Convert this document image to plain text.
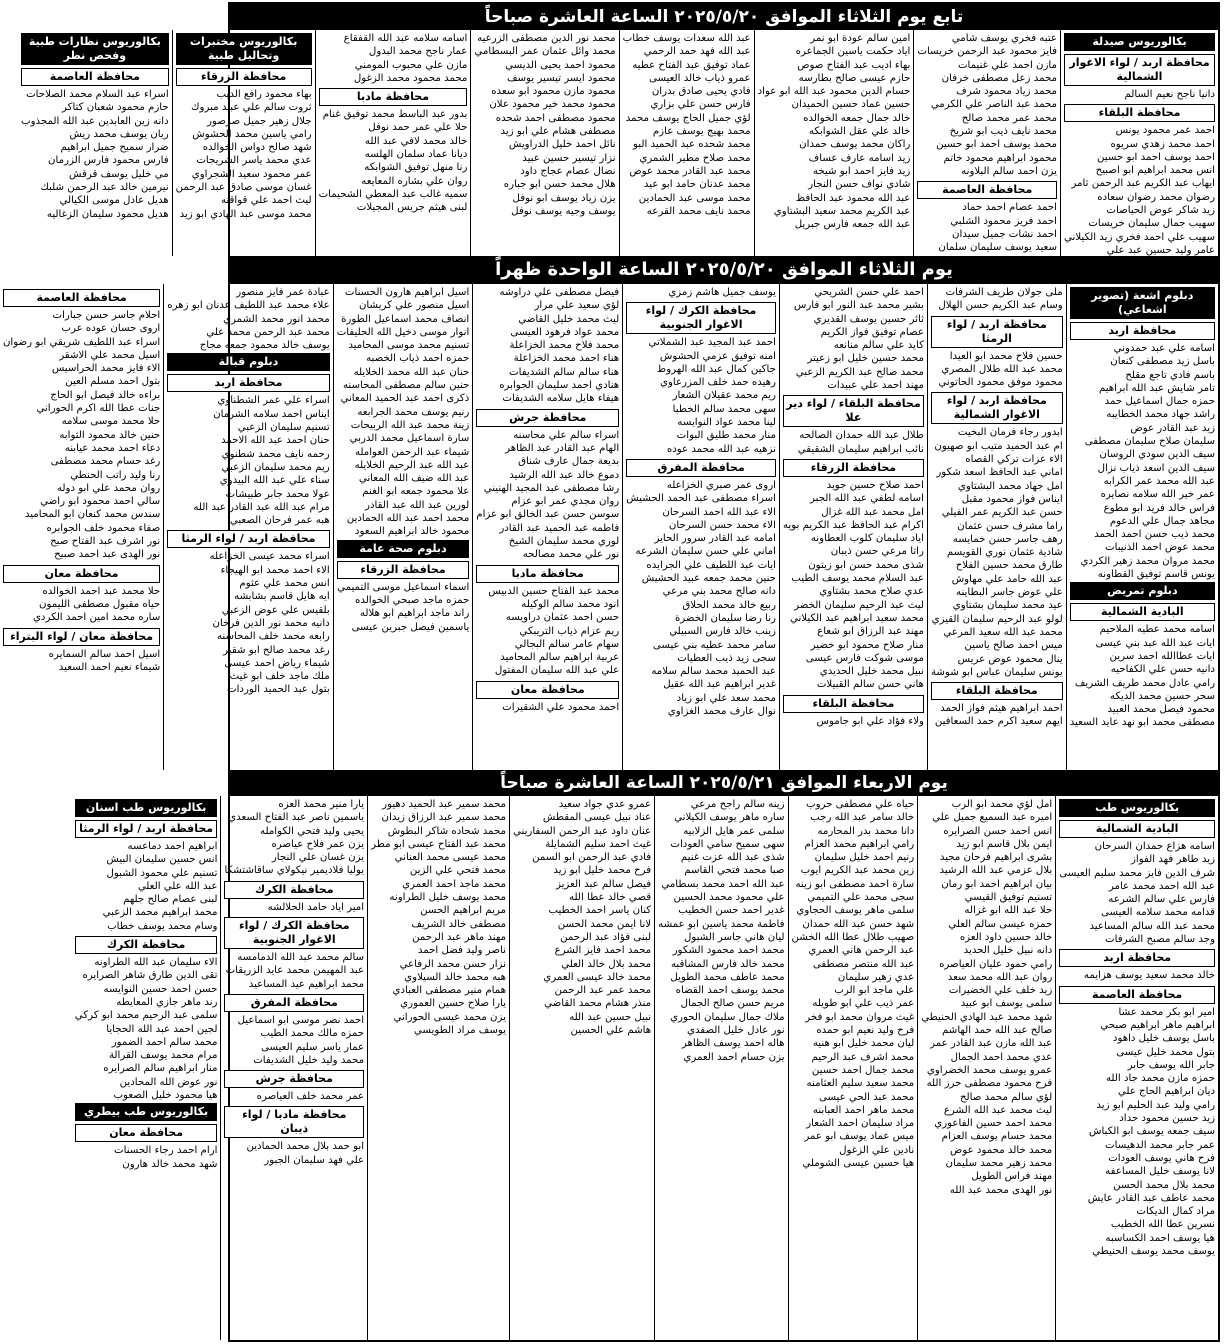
تابع يوم الثلاثاء الموافق ٢٠٢٥/٥/٢٠ الساعة العاشرة صباحاً
بكالوريوس صيدلة
محافظة اربد / لواء الاغوار الشمالية
دانيا ناجح نعيم السالم
محافظة البلقاء
احمد عمر محمود يونس
احمد محمد زهدي سريوه
احمد يوسف احمد ابو حسين
انس محمد ابراهيم ابو اصبيح
ايهاب عبد الكريم عبد الرحمن ثامر
رضوان محمد رضوان سعاده
زيد شاكر عوض الحياصات
سهيب جمال سليمان خريسات
سهيب علي احمد فخري زيد الكيلاني
عامر وليد حسين عبد علي
عتبه فخري يوسف شامي
فايز محمود عبد الرحمن خريسات
مازن احمد علي غنيمات
محمد زعل مصطفى خرفان
محمد زياد محمود شرف
محمد عبد الناصر علي الكرمي
محمد عمر محمد صالح
محمد نايف ذيب ابو شريخ
محمد يوسف احمد ابو حسين
محمود ابراهيم محمود خاتم
يزن احمد سالم البلاونه
محافظة العاصمة
احمد عصام احمد حماد
احمد فريز محمود الشلبي
احمد نشات جميل سيدان
سعيد يوسف سليمان سلمان
امين سالم عودة ابو نمر
اياد حكمت ياسين الجماعره
بهاء اديب عبد الفتاح صوص
حازم عيسى صالح بطارسه
حسام الدين محمود عبد الله ابو عواد
حسين عماد حسين الحميدان
خالد جمال جمعه الخوالده
خالد علي عقل الشوابكه
راكان محمد يوسف حمدان
زيد اسامه عارف عساف
زيد فايز احمد ابو شيخه
شادي نواف حسن النجار
عبد الله محمود عبد الحافظ
عبد الكريم محمد سعيد البشتاوي
عبد الله جمعه فارس جبريل
عبد الله سعدات يوسف خطاب
عبد الله فهد حمد الرحمي
عماد توفيق عبد الفتاح عطيه
عمرو ذياب خالد العيسى
فادي يحيى صادق بدران
فارس حسن علي بزاري
لؤي جميل الحاج يوسف محمد
محمد بهيج يوسف عازم
محمد شحده عبد الحميد البو
محمد صلاح مطير الشمري
محمد عبد القادر محمد عوض
محمد عدنان حامد ابو عيد
محمد موسى عبد الحمادين
محمد نايف محمد القرعه
محمد نور الدين مصطفى الزرعيه
محمد وائل عثمان عمر البسطامي
محمود احمد يحيى الديسي
محمود ايسر تيسير يوسف
محمود مازن محمود ابو سعده
محمود محمد خير محمود علان
محمود مصطفى احمد شحده
مصطفى هشام علي ابو زيد
نائل احمد خليل الدراويش
نزار تيسير حسين عبيد
نضال عصام عجاج داود
هلال محمد حسن ابو جباره
يزن زياد يوسف ابو نوفل
يوسف وجيه يوسف نوفل
اسامه سلامه عبد الله القفقاع
عمار ناجح محمد البدول
مازن علي محبوب المومني
محمد محمود محمد الزغول
محافظة مادبا
بدور عبد الباسط محمد توفيق غنام
حلا علي عمر حمد نوفل
خالد محمد لافي عبد الله
ديانا عماد سلمان الهلسه
رنا منهل توفيق الشوابكه
روان علي بشاره المعايعه
سميه غالب عبد المعطي الشحيمات
لبنى هيثم جريس المجيلات
بكالوريوس مختبرات وتحاليل طبية
محافظة الزرقاء
بهاء محمود رافع الديب
ثروت سالم علي عبيد مبروك
جلال زهير جميل صرصور
رامي ياسين محمد الحشوش
شهد صالح دواس الخوالده
عدي محمد ياسر الشريجات
عمر محمود سعيد الشجراوي
غسان موسى صادق عبد الرحمن
ليث احمد علي قواقنه
محمد موسى عبد الهادي ابو زيد
بكالوريوس نظارات طبية وفحص نظر
محافظة العاصمة
اسراء عبد السلام محمد الصلاحات
حازم محمود شعبان كتاكر
دانه زين العابدين عبد الله المجذوب
ريان يوسف محمد ريش
ضرار سميح جميل ابراهيم
فارس محمود فارس الزرمان
مي خليل يوسف قرقش
نيرمين خالد عبد الرحمن شلبك
هديل عادل موسى الكيالي
هديل محمود سليمان الزغاليه
يوم الثلاثاء الموافق ٢٠٢٥/٥/٢٠ الساعة الواحدة ظهراً
دبلوم اشعة (تصوير اشعاعي)
محافظة اربد
اسامه علي عبد حمدوني
باسل زيد مصطفى كنعان
باسم فادي تاجع مقلح
تامر شايش عبد الله ابراهيم
حمزه جمال اسماعيل حمد
راشد جهاد محمد الخطايبه
زيد عبد القادر عوض
سليمان صلاح سليمان مصطفى
سيف الدين سودي الروسان
سيف الدين اسعد ذياب نزال
عبد الله محمد عمر الكرابه
عمر خير الله سلامه نصايره
فراس خالد فريد ابو مطوع
مجاهد جمال علي الدعوم
محمد ذيب حسن احمد الحمد
محمد عوض احمد الذنيبات
محمد مروان محمد زهير الكردي
يونس قاسم توفيق القطاونه
دبلوم تمريض
البادية الشمالية
اسامه محمد عطيه الملاحيم
ايات عبد الله عبد بني عيسى
ايات عطاالله احمد سرين
دانيه حسن علي الكفاحيه
رامي عادل محمد طريف الشريف
سحر حسين محمد الديكه
محمود فيصل محمد العبيد
مصطفى محمد ابو نهد عايد السعيد
ملى جولان طريف الشرفات
وسام عبد الكريم حسن الهلال
محافظة اربد / لواء الرمثا
حسين فلاح محمد ابو العيدا
محمد عبد الله طلال المصري
محمود موفق محمود الحاتوني
محافظة اربد / لواء الاغوار الشمالية
ابدور رجاء فرمان البخيت
ام عبد الحميد متيب ابو صهيون
الاء عزات تركي القصاه
اماني عبد الحافظ اسعد شكور
امل جهاد محمد البشتاوي
ايناس فواز محمود مقبل
حسن عبد الكريم عمر الفيلي
راما مشرف حسن عثمان
رهف جاسر حسن خمايسه
شادية عثمان نوري القويسم
طارق محمد حسين الفلاح
عبد الله حامد علي مهاوش
علي عوض جاسر البطاينه
عيد محمد سليمان بشتاوي
لولو عبد الرحيم سليمان القيزي
محمد عبد الله سعيد المرعي
ميس احمد صالح ياسين
ينال محمود عوض عريس
يونس سليمان عباس ابو شوشة
محافظة البلقاء
احمد ابراهيم هيثم فواز الحمد
ايهم سعيد اكرم حمد السعافين
احمد علي حسن الشريحي
بشير محمد عبد النور ابو فارس
ثائر حسين يوسف القديري
عصام توفيق فواز الكريم
كايد علي سالم منانعه
محمد حسين خليل ابو زعيتر
محمد صالح عبد الكريم الزعبي
مهند احمد علي عبيدات
محافظة البلقاء / لواء دير علا
طلال عبد الله حمدان الصالحه
نائب ابراهيم سليمان الشقيقي
محافظة الزرقاء
احمد صلاح حسين جويد
اسامه لطفي عبد الله الجبر
امل محمد عبد الله غزال
اكرام عبد الحافظ عبد الكريم بويه
اياد سليمان كلوب العطاونه
راتا مرعي حسن ذيبان
شذى محمد حسن ابو زيتون
عبد السلام محمد يوسف الطيب
عدي صلاح محمد بشتاوي
ليث عبد الرحيم سليمان الخضر
محمد سعيد ابراهيم عبد الكيلاني
مهند عبد الرزاق ابو شعاع
منار صلاح محمود ابو خضير
موسى شوكت فارس عيسى
نبيل محمد خليل الحديدي
هاني حسن سالم القبيلات
محافظة البلقاء
ولاء فؤاد علي ابو جاموس
يوسف جميل هاشم زمزي
محافظة الكرك / لواء الاغوار الجنوبية
احمد عبد المجيد عبد الشملاتي
امنه توفيق عزمي الحشوش
جاكين كمال عبد الله الهروط
رهيده حمد خلف المزرعاوي
ريم محمد عقيلان الشعار
سهى محمد سالم الخطبا
لينا محمد عواد النوايسه
منار محمد طليق البوات
نزهيه عبد الله محمد عوده
محافظة المفرق
اروى عمر صبري الخزاعله
اسراء مصطفى عبد الحمد الحشيش
الاء عبد الله احمد السرحان
الاء محمد حسن السرحان
امامه عبد القادر سرور الحايز
اماني علي حسن سليمان الشرعه
ايات عبد اللطيف علي الجرايده
حنين محمد جمعه عبيد الحشيش
دانه صالح محمد بني مرعي
ربيع خالد محمد الحلاق
رنا رضا سليمان الخضرة
زينب خالد فارس السبيلي
سامر محمد عطيه بني عيسى
سجى زيد ذيب العطيات
عبد الحميد محمد سالم سلامه
غدير ابراهيم عبد الله عقيل
محمد سعد علي ابو زياد
نوال عارف محمد الغزاوي
فيصل مصطفى علي دراوشه
لؤي سعيد علي مرار
ليث محمد خليل القاضي
محمد عواد فرهود العيسى
محمد فلاح محمد الخزاعلة
هناء احمد محمد الخزاعلة
هناء سالم سالم الشديفات
هنادي احمد سليمان الجوابره
هيفاء هايل سلامه الشديفات
محافظة جرش
اسراء سالم علي محاسنه
الهام عبد القادر عبد الظاهر
بديعة جمال عارف شناق
دموع خالد عبد الله الرشيد
رشا مصطفى عبد المجيد الهنيني
روان مجدي عمر ابو عزام
سوسن حسن عبد الخالق ابو عزام
فاطمه عبد الحميد عبد القادر
لوري محمد سليمان الشيخ
نور علي محمد مصالحه
محافظة مادبا
محمد عبد الفتاح حسين الدبيس
انود محمد سالم الوكيله
حسن احمد عثمان دراويسه
ريم عزام ذياب التريبكي
سهام عامر سالم البجالي
عربية ابراهيم سالم المحاميد
علي عبد الله سليمان المفتول
محافظة معان
احمد محمود علي الشقيرات
اسيل ابراهيم هارون الحسنات
اسيل منصور علي كريشان
انصاف محمد اسماعيل الطورة
انوار موسى دخيل الله الحليفات
تسنيم محمد موسى المحاميد
حمزه احمد ذياب الخصبه
حنان عبد الله محمد الخلايله
حنين سالم مصطفى المحاسنه
ذكرى احمد عبد الحميد المعاني
رنيم يوسف محمد الجرابعه
زينة محمد عبد الله الربيحات
سارة اسماعيل محمد الدربي
شيماء عبد الرحمن العوامله
عبد الله عبد الرحيم الخلايله
عبد الله ضيف الله المعاني
علا محمود جمعه ابو الغنم
لورين عبد الله عبد القادر
محمد احمد عبد الله الحمادين
محمود خالد ابراهيم السعود
دبلوم صحة عامة
محافظة الزرقاء
اسماء اسماعيل موسى التميمي
حمزه ماجد صبحي الخوالده
راند ماجد ابراهيم ابو هلاله
ياسمين فيصل جبرين عيسى
عبادة عمر فايز منصور
علاء محمد عبد اللطيف عدنان ابو زهره
محمد انور محمد الشمري
محمد عبد الرحمن محمد علي
يوسف خالد محمود جمعه مجاج
دبلوم قبالة
محافظة اربد
اسراء علي عمر الشطناوي
ايناس احمد سلامه الشرمان
تسنيم سليمان الزعبي
حنان احمد عبد الله الاحمد
رحمه نايف محمد شطنوي
ريم محمد سليمان الزعبي
سناء علي عبد الله البيدوي
عولا محمد جابر طبيشات
مرام عبد الله عبد القادر عبد الله
هبه عمر فرحان الصعبي
محافظة اربد / لواء الرمثا
اسراء محمد عيسى الخزاعله
الاء احمد محمد ابو الهيجاء
انس محمد علي عثوم
ايه هايل قاسم بشابشه
بلقيس علي عوض الزعبي
دانيه محمد نور الدين فرخان
رابعه محمد خلف المحاسنه
رغد محمد صالح ابو شقير
شيماء رياض احمد عيسى
ملك ماجد خلف ابو غيث
بتول عبد الحميد الوردات
محافظة العاصمة
احلام جاسر حسن جبارات
اروى حسان عوده عرب
اسراء عبد اللطيف شريقي ابو رضوان
اسيل محمد علي الاشقر
الاء فايز محمد الحراسيس
بتول احمد مسلم العين
براءه خالد فيصل ابو الحاج
جنات عطا الله اكرم الحوراني
حلا محمد موسى سلامه
حنين خالد محمود الثوابه
دعاء احمد محمد عيابنه
رغد حسام محمد مصطفى
رنا وليد راتب الحنطي
روان محمد علي ابو دوله
سالي احمد محمود ابو راضي
سندس محمد كنعان ابو المحاميد
صفاء محمود خلف الجوابره
نور اشرف عبد الفتاح صبح
نور الهدى عبد احمد صبيح
محافظة معان
حلا محمد عبد احمد الخوالده
حياه مقبول مصطفى الليمون
ساره محمد امين احمد الكردي
محافظة معان / لواء البتراء
اسيل احمد سالم السمايره
شيماء نعيم احمد السعيد
يوم الاربعاء الموافق ٢٠٢٥/٥/٢١ الساعة العاشرة صباحاً
بكالوريوس طب
البادية الشمالية
اسامه هزاع حمدان السرحان
زيد طاهر فهد الفواز
شرف الدين فايز محمد سليم العيسى
عبد الله احمد محمد عامر
فارس علي سالم الشرعه
قدامه محمد سلامه العيسى
محمد عبد الله سالم المساعيد
وجد سالم مصبح الشرفات
محافظة اربد
خالد محمد سعيد يوسف هزايمه
محافظة العاصمة
امير ابو بكر محمد عشا
ابراهيم ماهر ابراهيم صبحي
باسل يوسف خليل داهود
بتول محمد خليل عيسى
جابر الله يوسف جابر
حمزه مازن محمد جاد الله
ديان ابراهيم الحاج علي
رامي وليد عبد الحليم ابو زيد
زيد حسين محمود حداد
سيف جمعه يوسف ابو الكباش
عمر جابر محمد الدهيسات
فرح هاني يوسف العودات
لانا يوسف خليل المساعفه
محمد بلال محمد الحسن
محمد عاطف عبد القادر عايش
مراد كمال الديكات
نسرين عطا الله الخطيب
هيا يوسف احمد الكساسبه
يوسف محمد يوسف الحنيطي
امل لؤي محمد ابو الرب
اميره عبد السميع جميل علي
انس احمد حسن الصرايره
ايمن بلال قاسم ابو زيد
بشرى ابراهيم فرحان مجيد
بلال عزمي عبد الله الرشيد
بيان ابراهيم احمد ابو رمان
تسنيم توفيق القيسي
حلا عبد الله ابو غزاله
حمزه عيسى سالم العلي
خالد حسين داود العزه
دانه نبيل خليل الحديد
رامي حمود عليان العياصره
روان عبد الله محمد سعد
زيد خلف علي الخضيرات
سلمى يوسف ابو عبيد
شهد محمد عبد الهادي الحنيطي
صالح عبد الله حمد الهاشم
عبد الله مازن عبد القادر عمر
عدي محمد احمد الجمال
عمرو يوسف محمد الخضراوي
فرح محمود مصطفى حرز الله
لؤي سالم محمد صالح
ليث محمد عبد الله الشرع
محمد احمد حسين الفاعوري
محمد حسام يوسف العزام
محمد خالد محمود عوض
محمد زهير محمد سليمان
مهند فراس الطويل
نور الهدى محمد عبد الله
حياه علي مصطفى حروب
خالد سامر عبد الله رجب
دانا محمد بدر المحارمه
رامي ابراهيم محمد العزام
رنيم احمد خليل سليمان
زين محمد عبد الكريم ايوب
سارة احمد مصطفى ابو زينه
سجى محمد علي التميمي
سلمى ماهر يوسف الحجاوي
شهد حسن عبد الله حمدان
صهيب طلال عطا الله الخشن
عبد الرحمن هاني العمري
عبد الله منتصر مصطفى
عدي زهير سليمان
علي ماجد ابو الرب
عمر ذيب علي ابو طويله
غيث مروان محمد ابو فخر
فرح وليد نعيم ابو حمده
ليان محمد خليل ابو هنيه
محمد اشرف عبد الرحيم
محمد جمال احمد حسين
محمد سعيد سليم العثامنه
محمد عبد الحي عيسى
محمد ماهر احمد العبابنه
مراد سليمان احمد الشعار
ميس عماد يوسف ابو عمر
نادين علي الزغول
هيا حسين عيسى الشوملي
زينه سالم راجح مرعي
ساره ماهر يوسف الكيلاني
سلمى عمر هايل الزلابيه
سهى سميح سامي العودات
شذى عبد الله عزت غنيم
صبا محمد فتحي القاسم
عبد الله احمد محمد بسطامي
علي محمود محمد الحسين
غدير احمد حسن الخطيب
فاطمة محمد ياسين ابو عمشه
ليان هاني جاسر الشبول
محمد احمد محمود الشكور
محمد خالد فارس المشاقبه
محمد عاطف محمد الطويل
محمد يوسف احمد القضاه
مريم حسن صالح الجمال
ملاك جمال سليمان الحوري
نور عادل خليل الصفدي
هاله احمد يوسف الظاهر
يزن حسام احمد العمري
عمرو عدي جواد سعيد
عناد نبيل عيسى المقطش
عنان داود عبد الرحمن السفاريني
غيث احمد سليم الشمايلة
فادي عبد الرحمن ابو السمن
فرح محمد خليل ابو زيد
فيصل سالم عبد العزيز
قصي خالد عطا الله
كنان ياسر احمد الخطيب
لانا ايمن محمد الحسن
لبنى فؤاد عبد الرحمن
محمد احمد فايز الشرع
محمد بلال خالد العلي
محمد خالد عيسى العمري
محمد عمر عبد الرحمن
منذر هشام محمد القاضي
نبيل حسين عبد الله
هاشم علي الحسين
محمد سمير عبد الحميد دهيور
محمد سمير عبد الرزاق زيدان
محمد شحاده شاكر البطوش
محمد عبد الفتاح عيسى ابو مطر
محمد عيسى محمد العناني
محمد فتحي علي الزين
محمد ماجد احمد العمري
محمد يوسف خليل الطراونه
مريم ابراهيم الحسن
مصطفى خالد الشريف
مهند ماهر عبد الرحمن
ناصر وليد فضل احمد
نزار حسن محمد الرفاعي
هبه محمد خالد السيلاوي
همام منير مصطفى العبادي
يارا صلاح حسين العموري
يزن محمد عيسى الحوراني
يوسف مراد الطويسي
يارا منير محمد العزه
ياسمين ناصر عبد الفتاح السعدي
يحيى وليد فتحي الكوامله
يزن عمر فلاح عياصره
يزن غسان علي النجار
يوليا فلاديمير نيكولاي ساقاشتشكا
محافظة الكرك
امير اياد حامد الحلالشه
محافظة الكرك / لواء الاغوار الجنوبية
سالم محمد عبد الله الدمامسه
عبد المهيمن محمد عايد الزريقات
محمد ابراهيم عيد المساعيد
محافظة المفرق
احمد نصر موسى ابو اسماعيل
حمزه مالك محمد الطيب
عمار ياسر سليم العيسى
محمد وليد خليل الشديفات
محافظة جرش
عمر محمد خلف العياصره
محافظة مادبا / لواء ذيبان
ابو حمد بلال محمد الحمادين
علي فهد سليمان الجبور
بكالوريوس طب اسنان
محافظة اربد / لواء الرمثا
ابراهيم احمد دماعسه
انس حسين سليمان البيش
تسنيم علي محمود الشبول
عبد الله علي العلي
لبنى عصام صالح جلهم
محمد ابراهيم محمد الزعبي
وسام محمد يوسف خطاب
محافظة الكرك
الاء سليمان عبد الله الطراونه
تقى الدين طارق شاهر الصرايره
حسن احمد حسين النوايسه
رند ماهر جازي المعايطه
سلمى عبد الرحيم محمد ابو كركي
لجين احمد عبد الله الحجايا
محمد سالم احمد الضمور
مرام محمد يوسف القرالة
منار ابراهيم سالم الصرايره
نور عوض الله المحادين
هيا محمود خليل الصعوب
بكالوريوس طب بيطري
محافظة معان
ارام احمد رجاء الحسنات
شهد محمد خالد هارون
